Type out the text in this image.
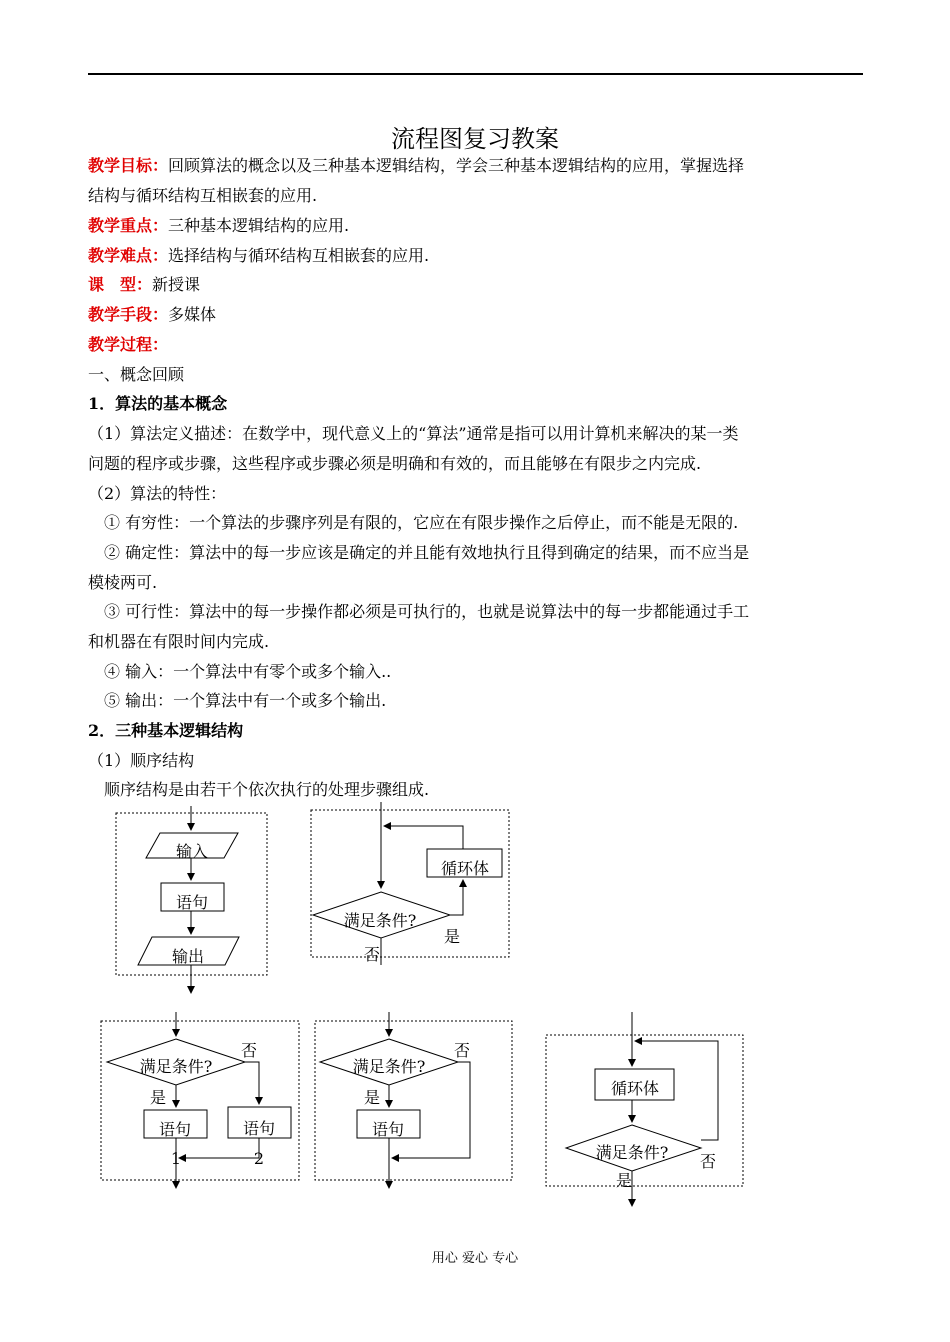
流程图复习教案
教学目标：回顾算法的概念以及三种基本逻辑结构，学会三种基本逻辑结构的应用，掌握选择
结构与循环结构互相嵌套的应用.
教学重点：三种基本逻辑结构的应用.
教学难点：选择结构与循环结构互相嵌套的应用.
课　型：新授课
教学手段：多媒体
教学过程：
一、概念回顾
1．算法的基本概念
（1）算法定义描述：在数学中，现代意义上的“算法”通常是指可以用计算机来解决的某一类
问题的程序或步骤，这些程序或步骤必须是明确和有效的，而且能够在有限步之内完成.
（2）算法的特性：
　① 有穷性：一个算法的步骤序列是有限的，它应在有限步操作之后停止，而不能是无限的.
　② 确定性：算法中的每一步应该是确定的并且能有效地执行且得到确定的结果，而不应当是
模棱两可.
　③ 可行性：算法中的每一步操作都必须是可执行的，也就是说算法中的每一步都能通过手工
和机器在有限时间内完成.
　④ 输入：一个算法中有零个或多个输入..
　⑤ 输出：一个算法中有一个或多个输出.
2．三种基本逻辑结构
（1）顺序结构
　顺序结构是由若干个依次执行的处理步骤组成.
输入
语句
输出
满足条件?
循环体
是
否
满足条件?
否
是
语句	语句
1	2
满足条件?
否
是
语句
循环体
满足条件? 否
是
用心 爱心 专心
